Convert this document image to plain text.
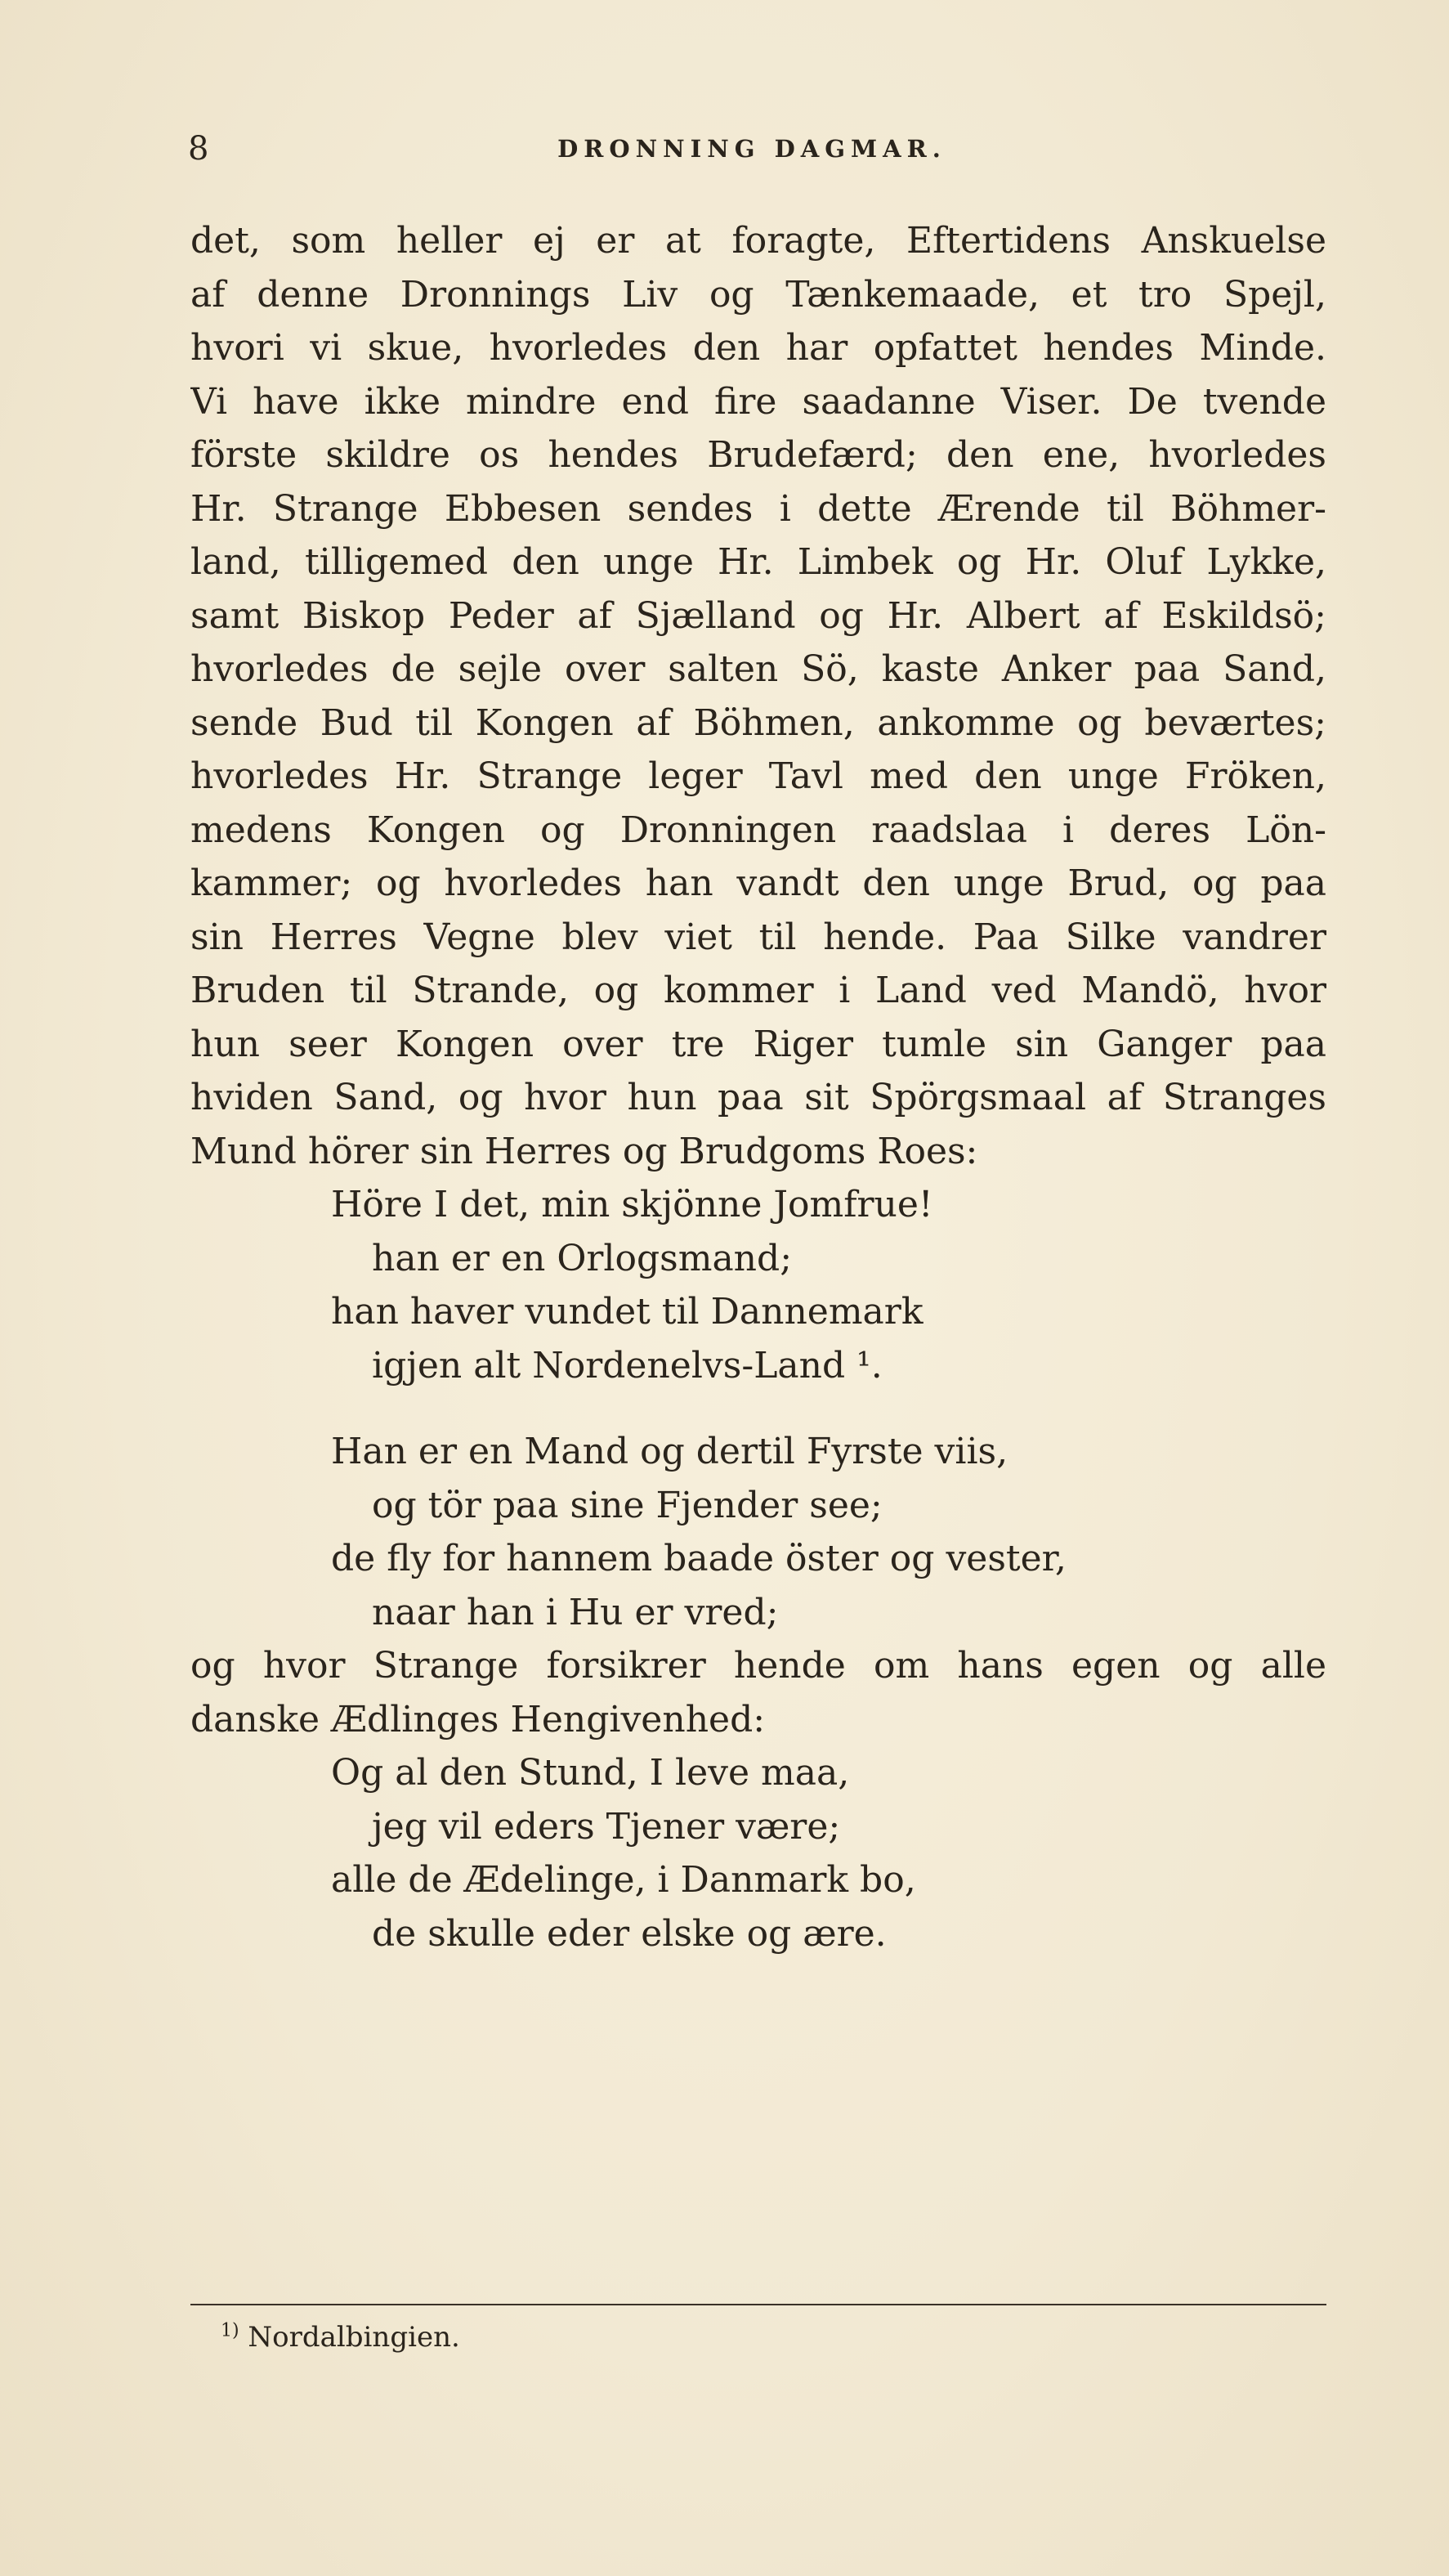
8	DRONNING DAGMAR.
det, som heller ej er at foragte, Eftertidens Anskuelse
af denne Dronnings Liv og Tænkemaade, et tro Spejl,
hvori vi skue, hvorledes den har opfattet hendes Minde.
Vi have ikke mindre end fire saadanne Viser. De tvende
förste skildre os hendes Brudefærd; den ene, hvorledes
Hr. Strange Ebbesen sendes i dette Ærende til Böhmer-
land, tilligemed den unge Hr. Limbek og Hr. Oluf Lykke,
samt Biskop Peder af Sjælland og Hr. Albert af Eskildsö;
hvorledes de sejle over salten Sö, kaste Anker paa Sand,
sende Bud til Kongen af Böhmen, ankomme og beværtes;
hvorledes Hr. Strange leger Tavl med den unge Fröken,
medens Kongen og Dronningen raadslaa i deres Lön-
kammer; og hvorledes han vandt den unge Brud, og paa
sin Herres Vegne blev viet til hende. Paa Silke vandrer
Bruden til Strande, og kommer i Land ved Mandö, hvor
hun seer Kongen over tre Riger tumle sin Ganger paa
hviden Sand, og hvor hun paa sit Spörgsmaal af Stranges
Mund hörer sin Herres og Brudgoms Roes:
Höre I det, min skjönne Jomfrue!
han er en Orlogsmand;
han haver vundet til Dannemark
igjen alt Nordenelvs-Land ¹.
Han er en Mand og dertil Fyrste viis,
og tör paa sine Fjender see;
de fly for hannem baade öster og vester,
naar han i Hu er vred;
og hvor Strange forsikrer hende om hans egen og alle
danske Ædlinges Hengivenhed:
Og al den Stund, I leve maa,
jeg vil eders Tjener være;
alle de Ædelinge, i Danmark bo,
de skulle eder elske og ære.
$^{1)}$ Nordalbingien.
